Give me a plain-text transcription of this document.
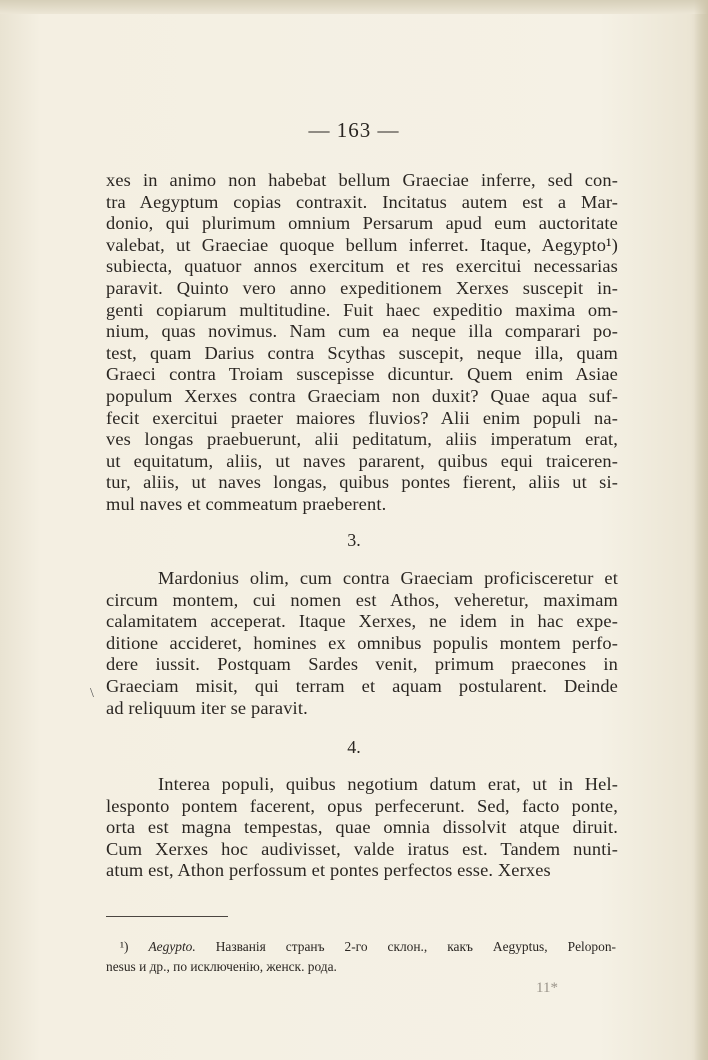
— 163 —
xes in animo non habebat bellum Graeciae inferre, sed con-
tra Aegyptum copias contraxit. Incitatus autem est a Mar-
donio, qui plurimum omnium Persarum apud eum auctoritate
valebat, ut Graeciae quoque bellum inferret. Itaque, Aegypto¹)
subiecta, quatuor annos exercitum et res exercitui necessarias
paravit. Quinto vero anno expeditionem Xerxes suscepit in-
genti copiarum multitudine. Fuit haec expeditio maxima om-
nium, quas novimus. Nam cum ea neque illa comparari po-
test, quam Darius contra Scythas suscepit, neque illa, quam
Graeci contra Troiam suscepisse dicuntur. Quem enim Asiae
populum Xerxes contra Graeciam non duxit? Quae aqua suf-
fecit exercitui praeter maiores fluvios? Alii enim populi na-
ves longas praebuerunt, alii peditatum, aliis imperatum erat,
ut equitatum, aliis, ut naves pararent, quibus equi traiceren-
tur, aliis, ut naves longas, quibus pontes fierent, aliis ut si-
mul naves et commeatum praeberent.
3.
Mardonius olim, cum contra Graeciam proficisceretur et
circum montem, cui nomen est Athos, veheretur, maximam
calamitatem acceperat. Itaque Xerxes, ne idem in hac expe-
ditione accideret, homines ex omnibus populis montem perfo-
dere iussit. Postquam Sardes venit, primum praecones in
Graeciam misit, qui terram et aquam postularent. Deinde
ad reliquum iter se paravit.
4.
Interea populi, quibus negotium datum erat, ut in Hel-
lesponto pontem facerent, opus perfecerunt. Sed, facto ponte,
orta est magna tempestas, quae omnia dissolvit atque diruit.
Cum Xerxes hoc audivisset, valde iratus est. Tandem nunti-
atum est, Athon perfossum et pontes perfectos esse. Xerxes
¹) Aegypto. Названія странъ 2-го склон., какъ Aegyptus, Pelopon-
nesus и др., по исключенію, женск. рода.
11*
\
